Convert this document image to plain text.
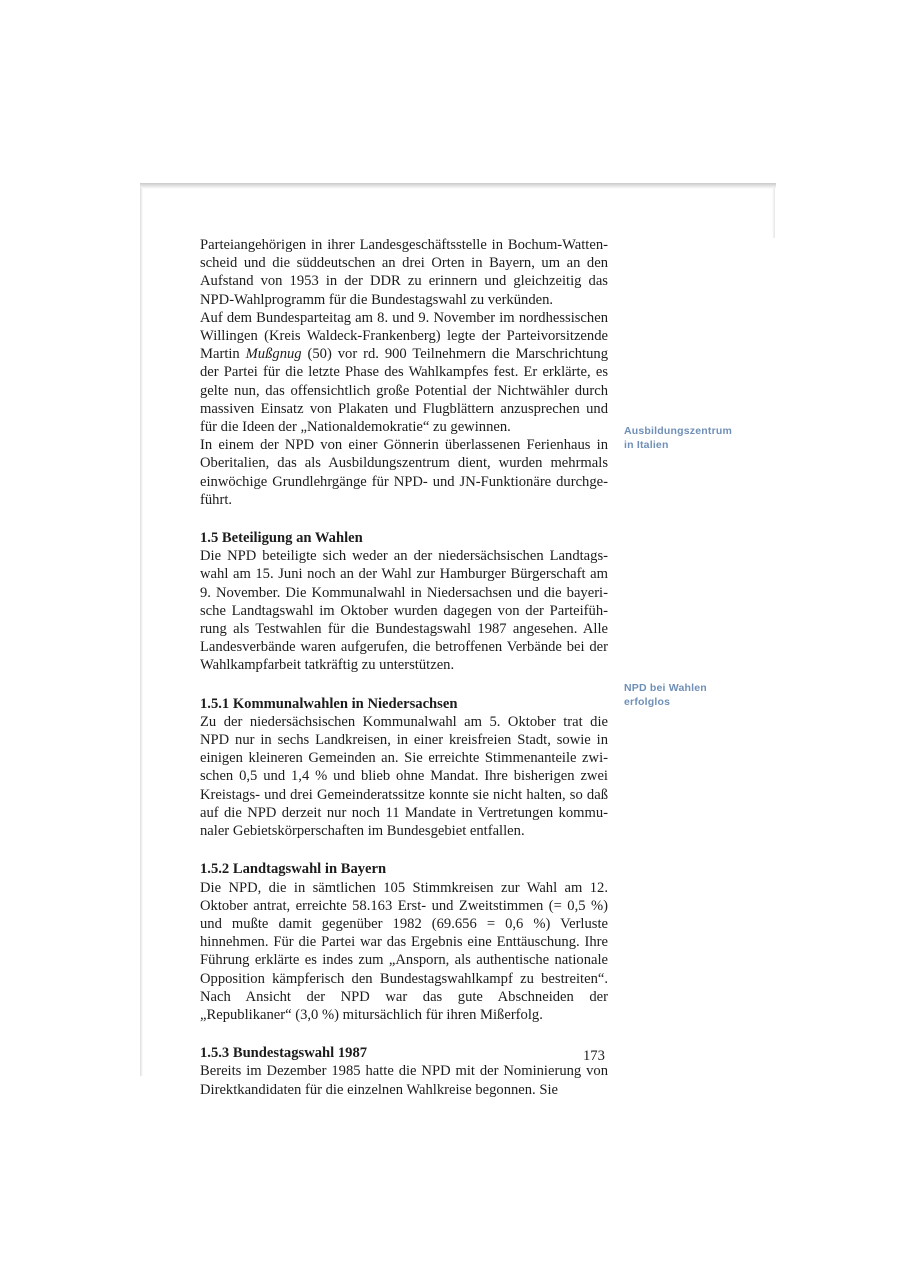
Parteiangehörigen in ihrer Landesgeschäftsstelle in Bochum-Wattenscheid und die süddeutschen an drei Orten in Bayern, um an den Aufstand von 1953 in der DDR zu erinnern und gleichzeitig das NPD-Wahlprogramm für die Bundestagswahl zu verkünden.

Auf dem Bundesparteitag am 8. und 9. November im nordhessischen Willingen (Kreis Waldeck-Frankenberg) legte der Parteivorsitzende Martin Mußgnug (50) vor rd. 900 Teilnehmern die Marschrichtung der Partei für die letzte Phase des Wahlkampfes fest. Er erklärte, es gelte nun, das offensichtlich große Potential der Nichtwähler durch massiven Einsatz von Plakaten und Flugblättern anzusprechen und für die Ideen der „Nationaldemokratie“ zu gewinnen.

In einem der NPD von einer Gönnerin überlassenen Ferienhaus in Oberitalien, das als Ausbildungszentrum dient, wurden mehrmals einwöchige Grundlehrgänge für NPD- und JN-Funktionäre durchgeführt.

1.5 Beteiligung an Wahlen

Die NPD beteiligte sich weder an der niedersächsischen Landtagswahl am 15. Juni noch an der Wahl zur Hamburger Bürgerschaft am 9. November. Die Kommunalwahl in Niedersachsen und die bayerische Landtagswahl im Oktober wurden dagegen von der Parteiführung als Testwahlen für die Bundestagswahl 1987 angesehen. Alle Landesverbände waren aufgerufen, die betroffenen Verbände bei der Wahlkampfarbeit tatkräftig zu unterstützen.

1.5.1 Kommunalwahlen in Niedersachsen

Zu der niedersächsischen Kommunalwahl am 5. Oktober trat die NPD nur in sechs Landkreisen, in einer kreisfreien Stadt, sowie in einigen kleineren Gemeinden an. Sie erreichte Stimmenanteile zwischen 0,5 und 1,4 % und blieb ohne Mandat. Ihre bisherigen zwei Kreistags- und drei Gemeinderatssitze konnte sie nicht halten, so daß auf die NPD derzeit nur noch 11 Mandate in Vertretungen kommunaler Gebietskörperschaften im Bundesgebiet entfallen.

1.5.2 Landtagswahl in Bayern

Die NPD, die in sämtlichen 105 Stimmkreisen zur Wahl am 12. Oktober antrat, erreichte 58.163 Erst- und Zweitstimmen (= 0,5 %) und mußte damit gegenüber 1982 (69.656 = 0,6 %) Verluste hinnehmen. Für die Partei war das Ergebnis eine Enttäuschung. Ihre Führung erklärte es indes zum „Ansporn, als authentische nationale Opposition kämpferisch den Bundestagswahlkampf zu bestreiten“. Nach Ansicht der NPD war das gute Abschneiden der „Republikaner“ (3,0 %) mitursächlich für ihren Mißerfolg.

1.5.3 Bundestagswahl 1987

Bereits im Dezember 1985 hatte die NPD mit der Nominierung von Direktkandidaten für die einzelnen Wahlkreise begonnen. Sie

Ausbildungszentrum
in Italien
NPD bei Wahlen
erfolglos
173
